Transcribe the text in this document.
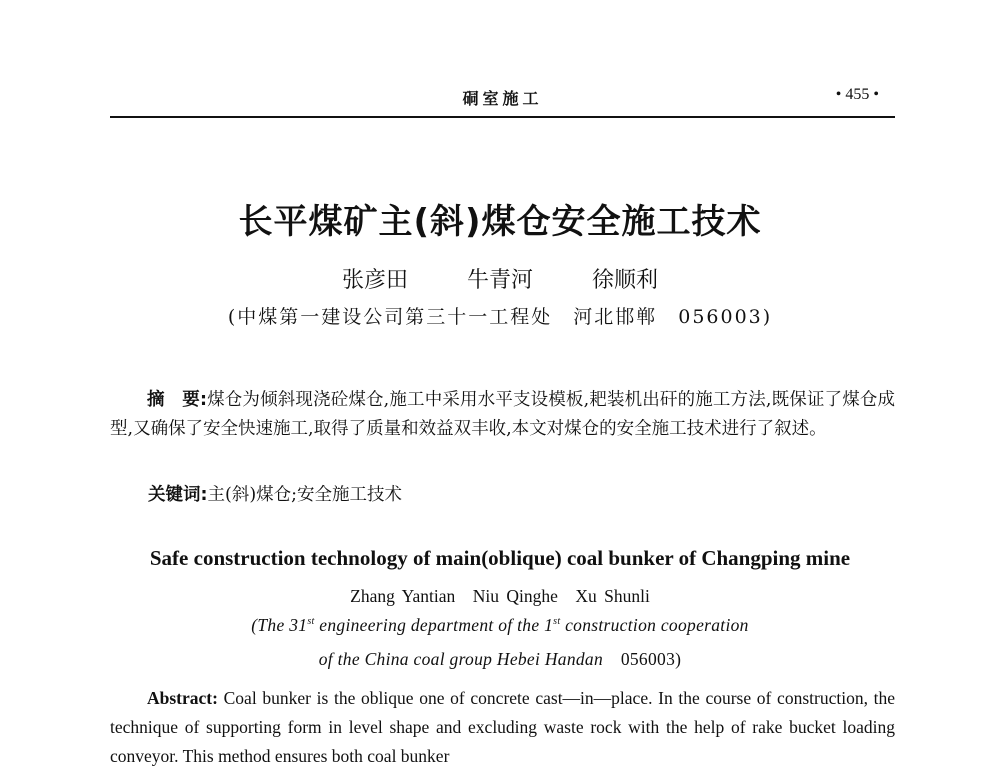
硐室施工	• 455 •
长平煤矿主(斜)煤仓安全施工技术
张彦田	牛青河	徐顺利
(中煤第一建设公司第三十一工程处　河北邯郸　056003)
摘　要:煤仓为倾斜现浇砼煤仓,施工中采用水平支设模板,耙装机出矸的施工方法,既保证了煤仓成型,又确保了安全快速施工,取得了质量和效益双丰收,本文对煤仓的安全施工技术进行了叙述。
关键词:主(斜)煤仓;安全施工技术
Safe construction technology of main(oblique) coal bunker of Changping mine
Zhang Yantian　Niu Qinghe　Xu Shunli
(The 31st engineering department of the 1st construction cooperation
of the China coal group Hebei Handan　056003)
Abstract: Coal bunker is the oblique one of concrete cast—in—place. In the course of construction, the technique of supporting form in level shape and excluding waste rock with the help of rake bucket loading conveyor. This method ensures both coal bunker
